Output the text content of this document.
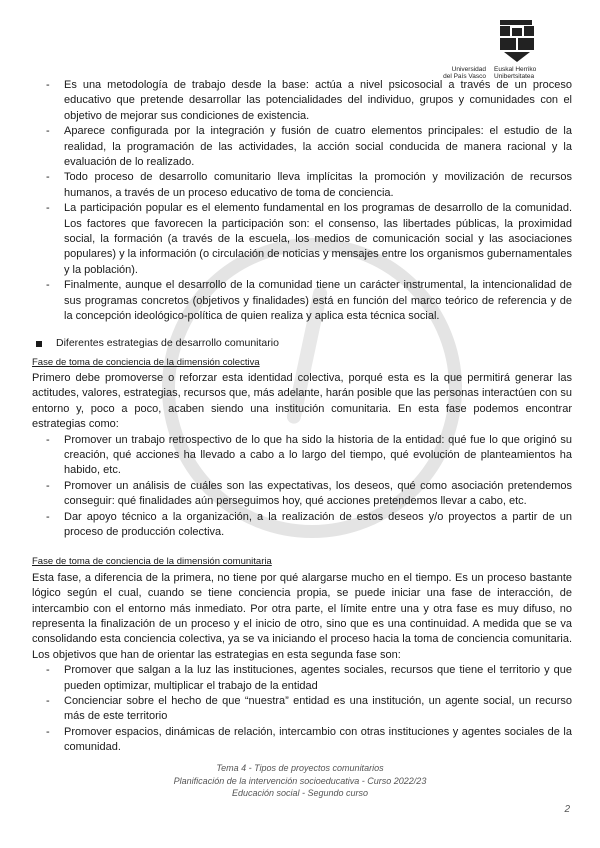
Universidad
del País Vasco
Euskal Herriko
Unibertsitatea
- Es una metodología de trabajo desde la base: actúa a nivel psicosocial a través de un proceso educativo que pretende desarrollar las potencialidades del individuo, grupos y comunidades con el objetivo de mejorar sus condiciones de existencia.
- Aparece configurada por la integración y fusión de cuatro elementos principales: el estudio de la realidad, la programación de las actividades, la acción social conducida de manera racional y la evaluación de lo realizado.
- Todo proceso de desarrollo comunitario lleva implícitas la promoción y movilización de recursos humanos, a través de un proceso educativo de toma de conciencia.
- La participación popular es el elemento fundamental en los programas de desarrollo de la comunidad. Los factores que favorecen la participación son: el consenso, las libertades públicas, la proximidad social, la formación (a través de la escuela, los medios de comunicación social y las asociaciones populares) y la información (o circulación de noticias y mensajes entre los organismos gubernamentales y la población).
- Finalmente, aunque el desarrollo de la comunidad tiene un carácter instrumental, la intencionalidad de sus programas concretos (objetivos y finalidades) está en función del marco teórico de referencia y de la concepción ideológico-política de quien realiza y aplica esta técnica social.
Diferentes estrategias de desarrollo comunitario
Fase de toma de conciencia de la dimensión colectiva
Primero debe promoverse o reforzar esta identidad colectiva, porqué esta es la que permitirá generar las actitudes, valores, estrategias, recursos que, más adelante, harán posible que las personas interactúen con su entorno y, poco a poco, acaben siendo una institución comunitaria. En esta fase podemos encontrar estrategias como:
- Promover un trabajo retrospectivo de lo que ha sido la historia de la entidad: qué fue lo que originó su creación, qué acciones ha llevado a cabo a lo largo del tiempo, qué evolución de planteamientos ha habido, etc.
- Promover un análisis de cuáles son las expectativas, los deseos, qué como asociación pretendemos conseguir: qué finalidades aún perseguimos hoy, qué acciones pretendemos llevar a cabo, etc.
- Dar apoyo técnico a la organización, a la realización de estos deseos y/o proyectos a partir de un proceso de producción colectiva.
Fase de toma de conciencia de la dimensión comunitaria
Esta fase, a diferencia de la primera, no tiene por qué alargarse mucho en el tiempo. Es un proceso bastante lógico según el cual, cuando se tiene conciencia propia, se puede iniciar una fase de interacción, de intercambio con el entorno más inmediato. Por otra parte, el límite entre una y otra fase es muy difuso, no representa la finalización de un proceso y el inicio de otro, sino que es una continuidad. A medida que se va consolidando esta conciencia colectiva, ya se va iniciando el proceso hacia la toma de conciencia comunitaria. Los objetivos que han de orientar las estrategias en esta segunda fase son:
- Promover que salgan a la luz las instituciones, agentes sociales, recursos que tiene el territorio y que pueden optimizar, multiplicar el trabajo de la entidad
- Concienciar sobre el hecho de que “nuestra” entidad es una institución, un agente social, un recurso más de este territorio
- Promover espacios, dinámicas de relación, intercambio con otras instituciones y agentes sociales de la comunidad.
Tema 4 - Tipos de proyectos comunitarios
Planificación de la intervención socioeducativa - Curso 2022/23
Educación social - Segundo curso
2
